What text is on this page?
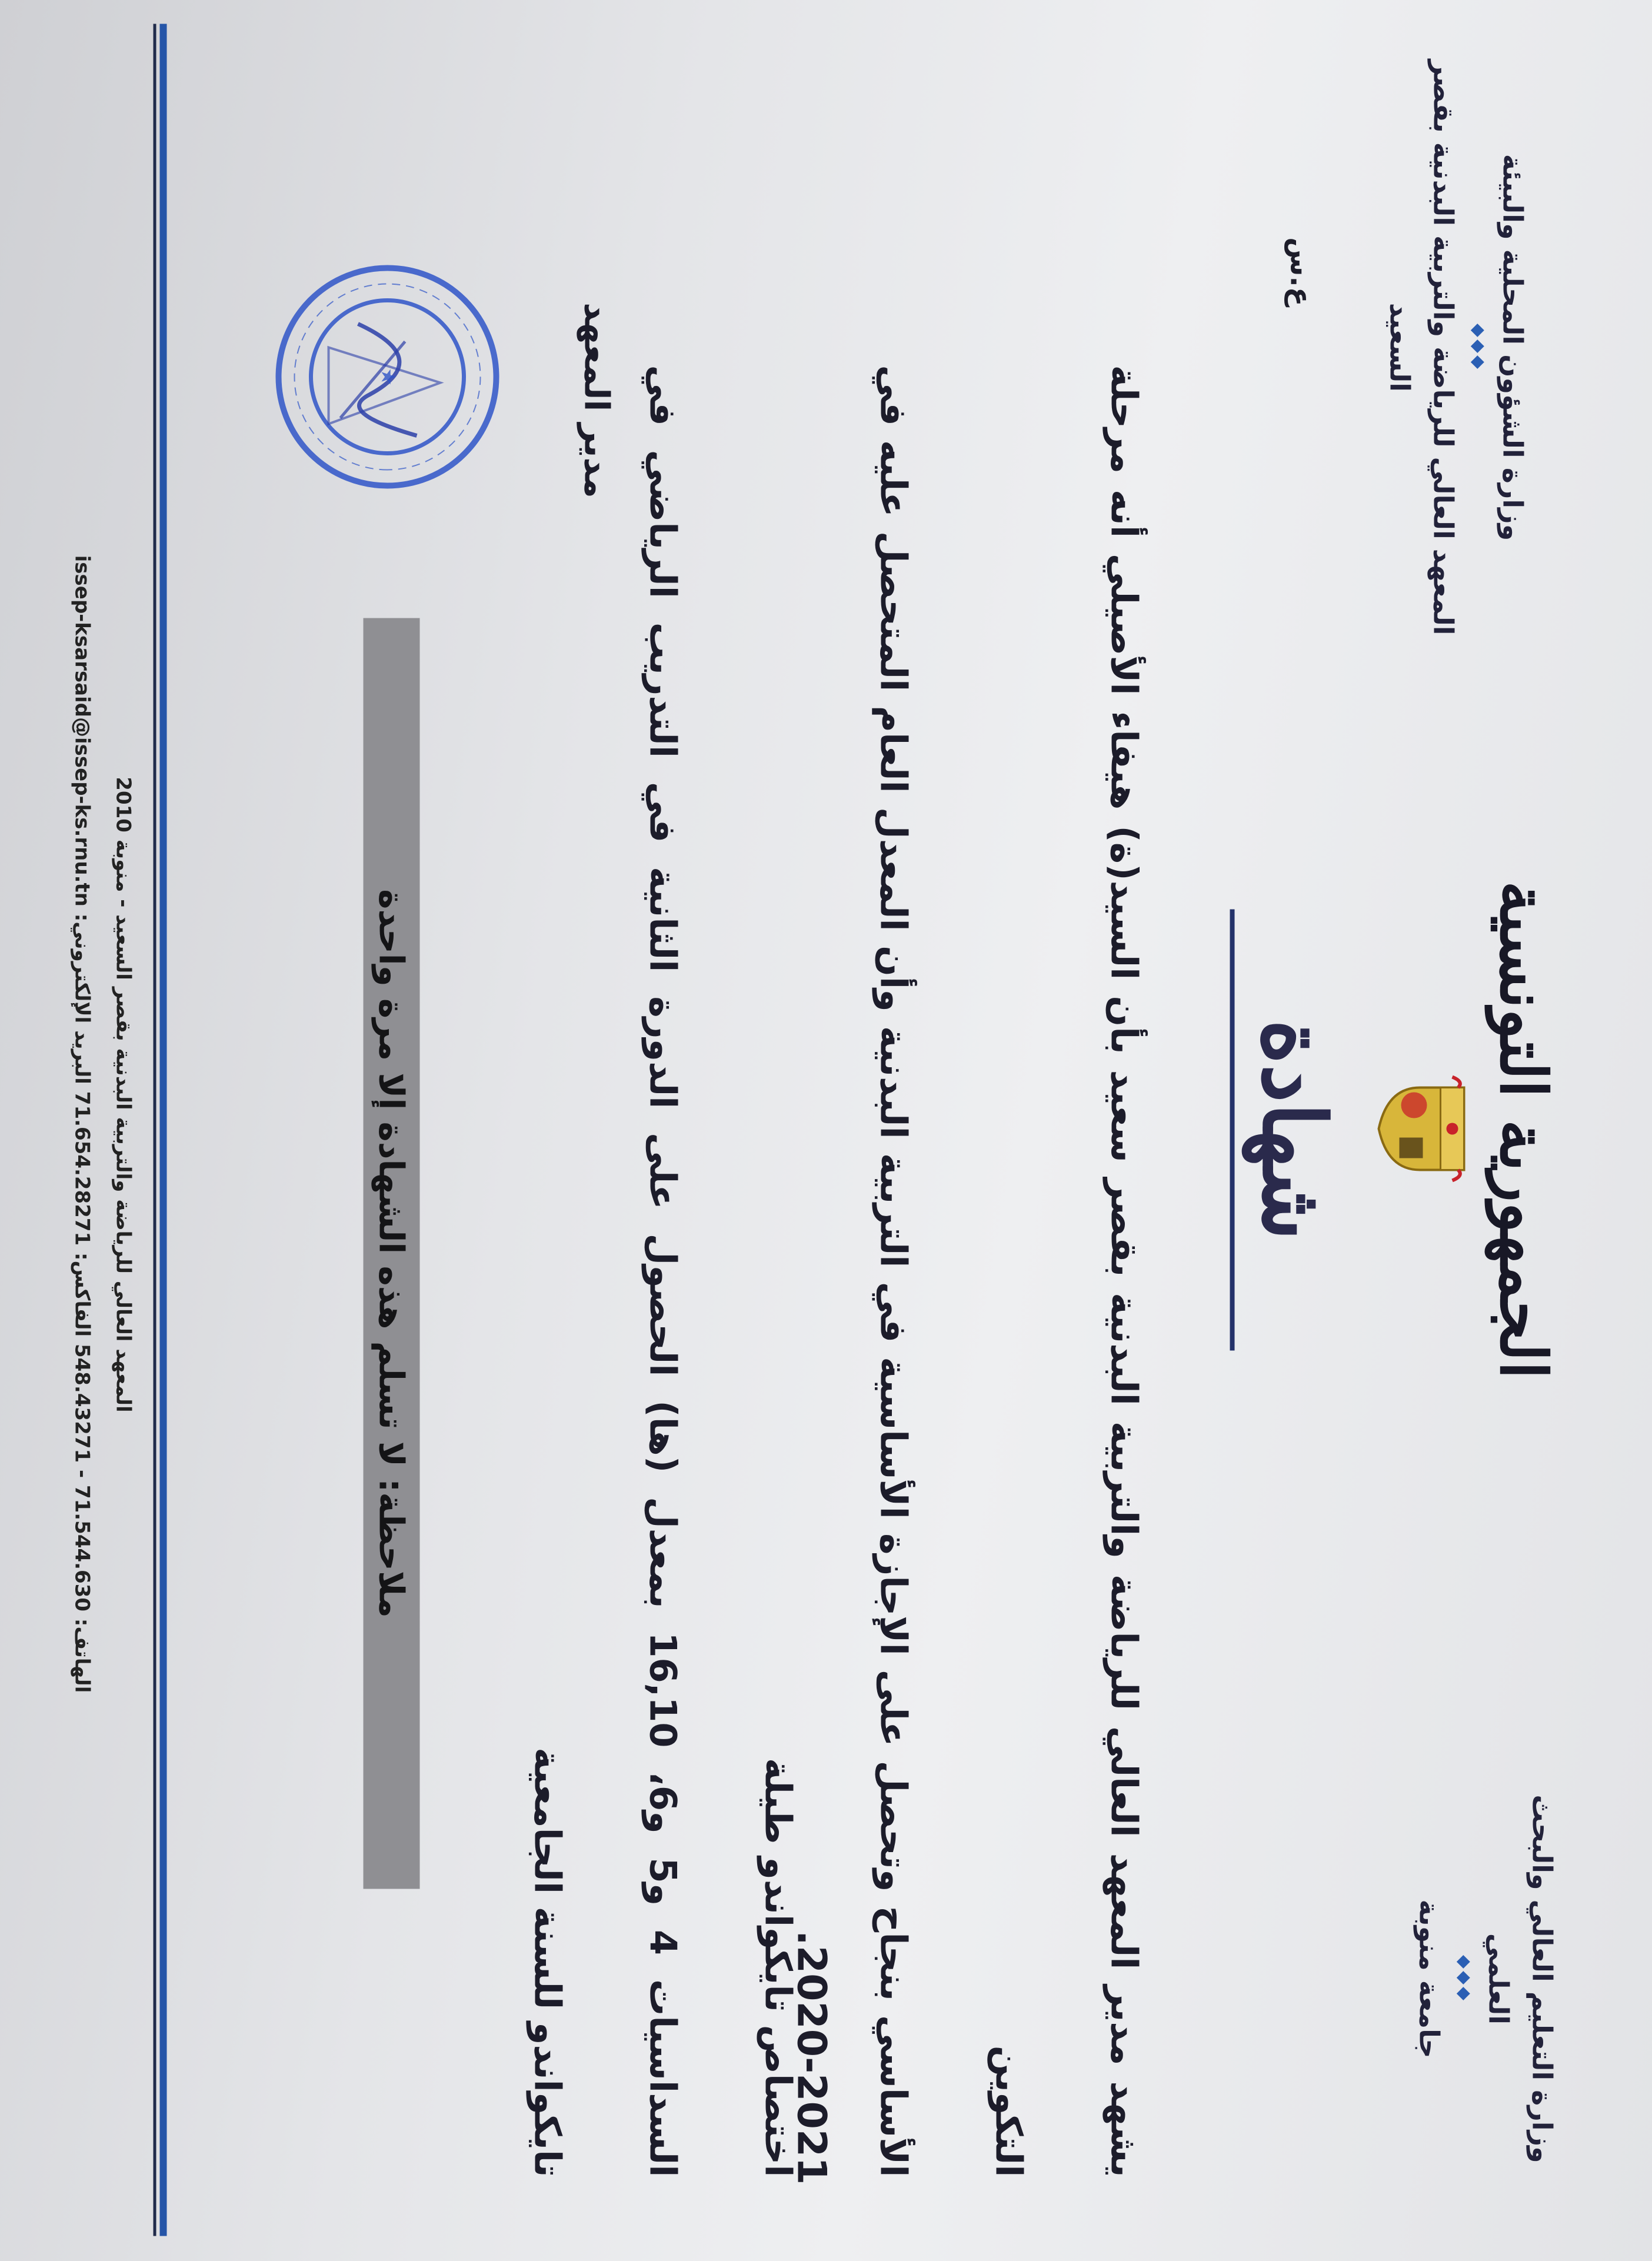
وزارة التعليم العالي والبحث العلمي
◆◆◆
جامعة منوبة
وزارة الشؤون المحلية والبيئة
◆◆◆
المعهد العالي للرياضة والتربية البدنية بقصر السعيد
ع.س
الجمهورية التونسية
شهادة
يشهد مدير المعهد العالي للرياضة والتربية البدنية بقصر سعيد بأن السيد(ة) هيفاء الأصيلي أنه مرحلة التكوين
الأساسي بنجاح وتحصل على الإجازة الأساسية في التربية البدنية وأن المعدل العام المتحصل عليه في اختصاص تايكواندو طيلة
السداسيات 4 و5 و6، 16,10 بمعدل (ها) الحصول على الدورة الثانية في التدريب الرياضي في تايكواندو للسنة الجامعية	2020-2021.
مدير المعهد
★
ملاحظة: لا تسلم هذه الشهادة إلا مرة واحدة
المعهد العالي للرياضة والتربية البدنية بقصر السعيد - منوبة 2010
الهاتف: 71.544.630 - 548.43271 الفاكس: 71.654.28271 البريد الإلكتروني: issep-ksarsaid@issep-ks.rnu.tn
